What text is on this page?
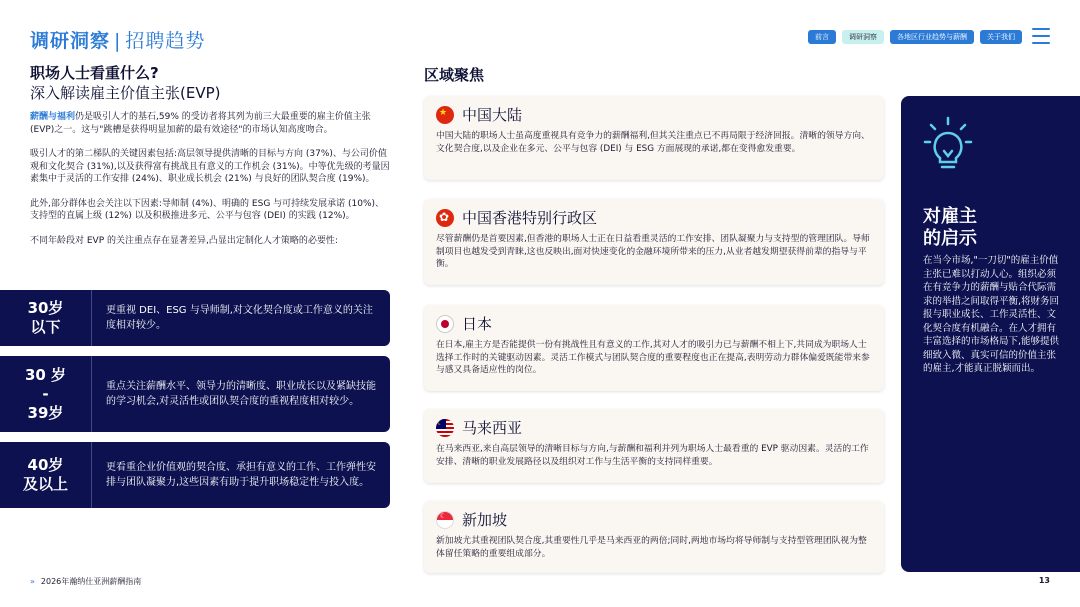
调研洞察 | 招聘趋势	前言	调研洞察	各地区行业趋势与薪酬	关于我们
职场人士看重什么?
深入解读雇主价值主张(EVP)

薪酬与福利仍是吸引人才的基石,59% 的受访者将其列为前三大最重要的雇主价值主张(EVP)之一。这与"跳槽是获得明显加薪的最有效途径"的市场认知高度吻合。

吸引人才的第二梯队的关键因素包括:高层领导提供清晰的目标与方向 (37%)、与公司价值观和文化契合 (31%),以及获得富有挑战且有意义的工作机会 (31%)。中等优先级的考量因素集中于灵活的工作安排 (24%)、职业成长机会 (21%) 与良好的团队契合度 (19%)。

此外,部分群体也会关注以下因素:导师制 (4%)、明确的 ESG 与可持续发展承诺 (10%)、支持型的直属上级 (12%) 以及积极推进多元、公平与包容 (DEI) 的实践 (12%)。

不同年龄段对 EVP 的关注重点存在显著差异,凸显出定制化人才策略的必要性:

30岁
以下
更重视 DEI、ESG 与导师制,对文化契合度或工作意义的关注度相对较少。
30 岁
-
39岁
重点关注薪酬水平、领导力的清晰度、职业成长以及紧缺技能的学习机会,对灵活性或团队契合度的重视程度相对较少。
40岁
及以上
更看重企业价值观的契合度、承担有意义的工作、工作弹性安排与团队凝聚力,这些因素有助于提升职场稳定性与投入度。
区域聚焦
★
中国大陆
中国大陆的职场人士虽高度重视具有竞争力的薪酬福利,但其关注重点已不再局限于经济回报。清晰的领导方向、文化契合度,以及企业在多元、公平与包容 (DEI) 与 ESG 方面展现的承诺,都在变得愈发重要。
✿
中国香港特别行政区
尽管薪酬仍是首要因素,但香港的职场人士正在日益看重灵活的工作安排、团队凝聚力与支持型的管理团队。导师制项目也越发受到青睐,这也反映出,面对快速变化的金融环境所带来的压力,从业者越发期望获得前辈的指导与平衡。
日本
在日本,雇主方是否能提供一份有挑战性且有意义的工作,其对人才的吸引力已与薪酬不相上下,共同成为职场人士选择工作时的关键驱动因素。灵活工作模式与团队契合度的重要程度也正在提高,表明劳动力群体偏爱既能带来参与感又具备适应性的岗位。
☾
马来西亚
在马来西亚,来自高层领导的清晰目标与方向,与薪酬和福利并列为职场人士最看重的 EVP 驱动因素。灵活的工作安排、清晰的职业发展路径以及组织对工作与生活平衡的支持同样重要。
☾
新加坡
新加坡尤其重视团队契合度,其重要性几乎是马来西亚的两倍;同时,两地市场均将导师制与支持型管理团队视为整体留任策略的重要组成部分。
对雇主
的启示
在当今市场,"一刀切"的雇主价值主张已难以打动人心。组织必须在有竞争力的薪酬与贴合代际需求的举措之间取得平衡,将财务回报与职业成长、工作灵活性、文化契合度有机融合。在人才拥有丰富选择的市场格局下,能够提供细致入微、真实可信的价值主张的雇主,才能真正脱颖而出。
» 2026年瀚纳仕亚洲薪酬指南	13
